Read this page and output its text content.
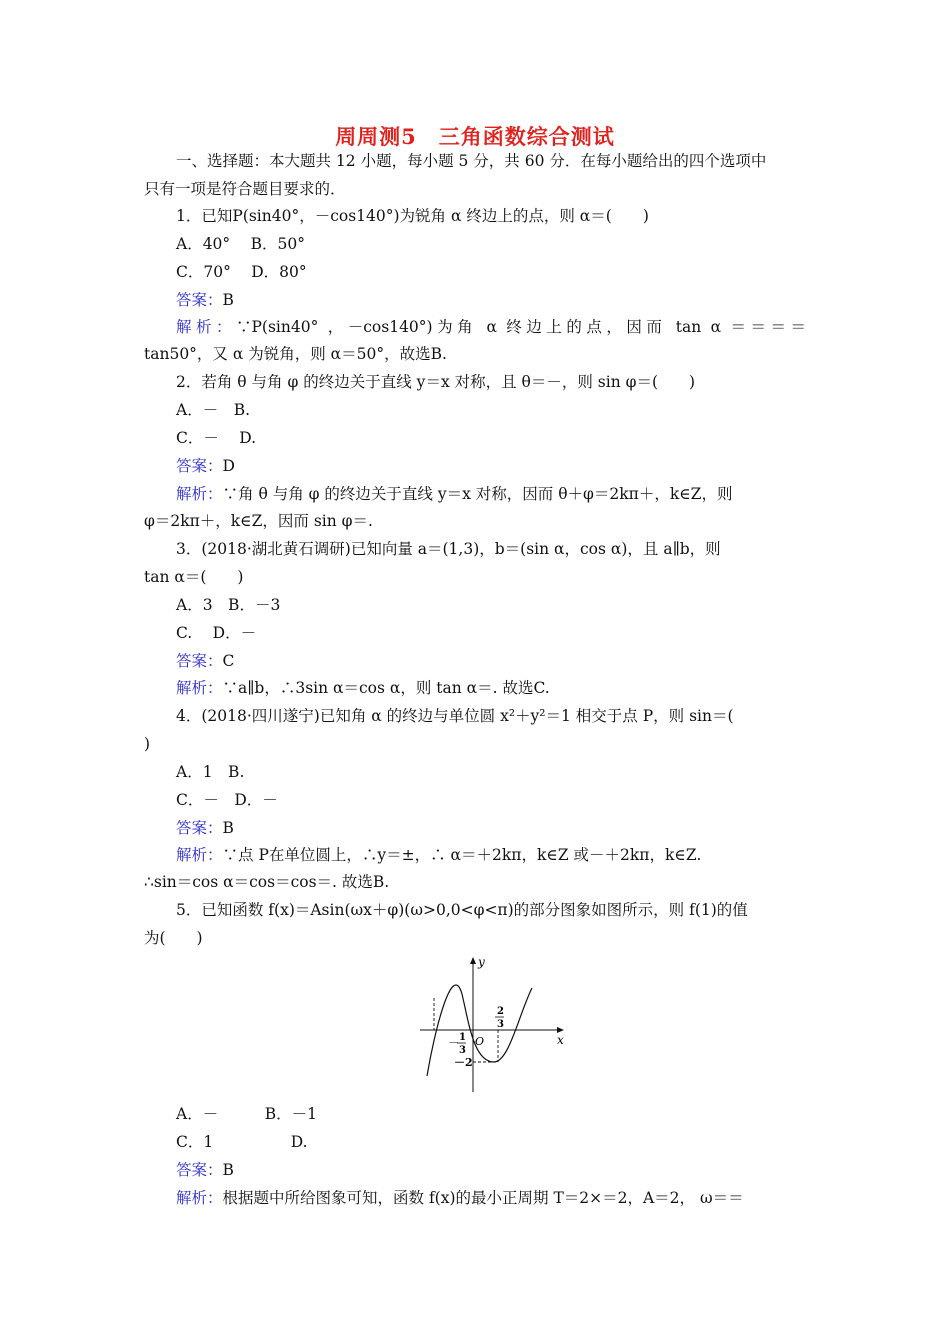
周周测5　三角函数综合测试
一、选择题：本大题共 12 小题，每小题 5 分，共 60 分．在每小题给出的四个选项中
只有一项是符合题目要求的．
1．已知P(sin40°，－cos140°)为锐角 α 终边上的点，则 α＝(　　)
A．40°　 B．50°
C．70°　 D．80°
答案：B
解析：∵P(sin40° ，－cos140°)为角 α 终边上的点，因而 tan α ＝＝＝＝
tan50°，又 α 为锐角，则 α＝50°，故选B.
2．若角 θ 与角 φ 的终边关于直线 y＝x 对称，且 θ＝－，则 sin φ＝(　　)
A．－　B.
C．－　 D.
答案：D
解析：∵角 θ 与角 φ 的终边关于直线 y＝x 对称，因而 θ＋φ＝2kπ＋，k∈Z，则
φ＝2kπ＋，k∈Z，因而 sin φ＝.
3．(2018·湖北黄石调研)已知向量 a＝(1,3)，b＝(sin α，cos α)，且 a∥b，则
tan α＝(　　)
A．3　B．－3
C.　 D．－
答案：C
解析：∵a∥b，∴3sin α＝cos α，则 tan α＝. 故选C.
4．(2018·四川遂宁)已知角 α 的终边与单位圆 x²＋y²＝1 相交于点 P，则 sin＝(
)
A．1　B.
C．－　D．－
答案：B
解析：∵点 P在单位圆上，∴y＝±，∴ α＝＋2kπ，k∈Z 或－＋2kπ，k∈Z.
∴sin＝cos α＝cos＝cos＝. 故选B.
5．已知函数 f(x)＝Asin(ωx＋φ)(ω>0,0<φ<π)的部分图象如图所示，则 f(1)的值
为(　　)
y
x
O
－ 1
3
2
3
－2
A．－　　　B．－1
C．1　　　　　D.
答案：B
解析：根据题中所给图象可知，函数 f(x)的最小正周期 T＝2×＝2，A＝2， ω＝＝
